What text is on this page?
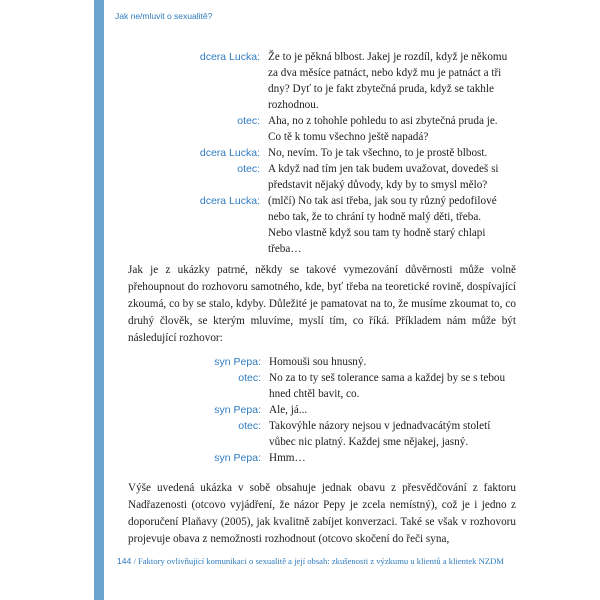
Jak ne/mluvit o sexualitě?
dcera Lucka: Že to je pěkná blbost. Jakej je rozdíl, když je někomu za dva měsíce patnáct, nebo když mu je patnáct a tři dny? Dyť to je fakt zbytečná pruda, když se takhle rozhodnou.
otec: Aha, no z tohohle pohledu to asi zbytečná pruda je. Co tě k tomu všechno ještě napadá?
dcera Lucka: No, nevím. To je tak všechno, to je prostě blbost.
otec: A když nad tím jen tak budem uvažovat, dovedeš si představit nějaký důvody, kdy by to smysl mělo?
dcera Lucka: (mlčí) No tak asi třeba, jak sou ty různý pedofilové nebo tak, že to chrání ty hodně malý děti, třeba. Nebo vlastně když sou tam ty hodně starý chlapi třeba…
Jak je z ukázky patrné, někdy se takové vymezování důvěrnosti může volně přehoupnout do rozhovoru samotného, kde, byť třeba na teoretické rovině, dospívající zkoumá, co by se stalo, kdyby. Důležité je pamatovat na to, že musíme zkoumat to, co druhý člověk, se kterým mluvíme, myslí tím, co říká. Příkladem nám může být následující rozhovor:
syn Pepa: Homouši sou hnusný.
otec: No za to ty seš tolerance sama a každej by se s tebou hned chtěl bavit, co.
syn Pepa: Ale, já...
otec: Takovýhle názory nejsou v jednadvacátým století vůbec nic platný. Každej sme nějakej, jasný.
syn Pepa: Hmm…
Výše uvedená ukázka v sobě obsahuje jednak obavu z přesvědčování z faktoru Nadřazenosti (otcovo vyjádření, že názor Pepy je zcela nemístný), což je i jedno z doporučení Plaňavy (2005), jak kvalitně zabíjet konverzaci. Také se však v rozhovoru projevuje obava z nemožnosti rozhodnout (otcovo skočení do řeči syna,
144 / Faktory ovlivňující komunikaci o sexualitě a její obsah: zkušenosti z výzkumu u klientů a klientek NZDM
